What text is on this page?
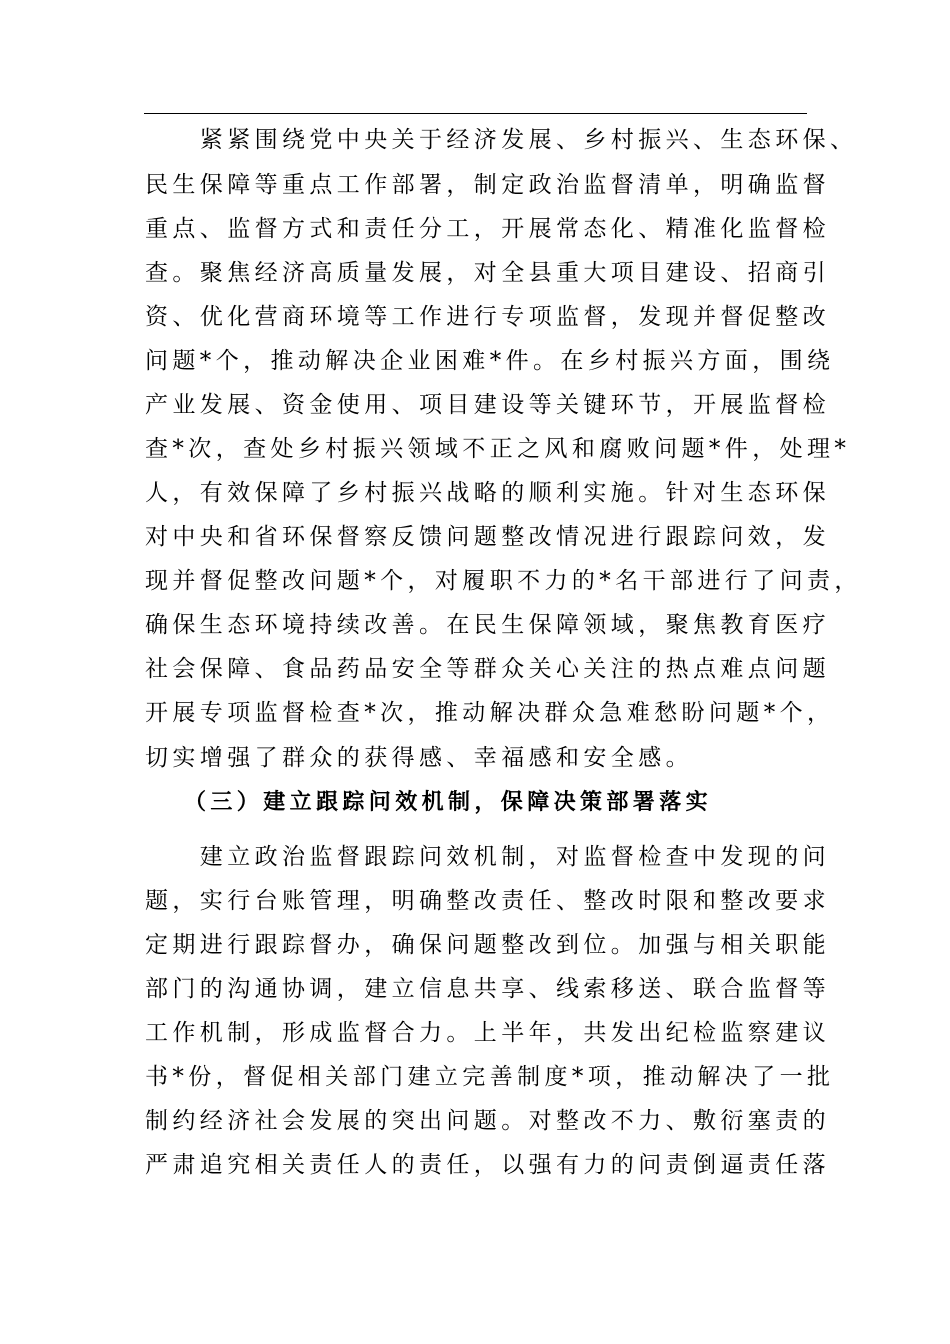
　　紧紧围绕党中央关于经济发展、乡村振兴、生态环保、
民生保障等重点工作部署，制定政治监督清单，明确监督
重点、监督方式和责任分工，开展常态化、精准化监督检
查。聚焦经济高质量发展，对全县重大项目建设、招商引
资、优化营商环境等工作进行专项监督，发现并督促整改
问题*个，推动解决企业困难*件。在乡村振兴方面，围绕
产业发展、资金使用、项目建设等关键环节，开展监督检
查*次，查处乡村振兴领域不正之风和腐败问题*件，处理*
人，有效保障了乡村振兴战略的顺利实施。针对生态环保
对中央和省环保督察反馈问题整改情况进行跟踪问效，发
现并督促整改问题*个，对履职不力的*名干部进行了问责，
确保生态环境持续改善。在民生保障领域，聚焦教育医疗
社会保障、食品药品安全等群众关心关注的热点难点问题
开展专项监督检查*次，推动解决群众急难愁盼问题*个，
切实增强了群众的获得感、幸福感和安全感。
（三）建立跟踪问效机制，保障决策部署落实
　　建立政治监督跟踪问效机制，对监督检查中发现的问
题，实行台账管理，明确整改责任、整改时限和整改要求
定期进行跟踪督办，确保问题整改到位。加强与相关职能
部门的沟通协调，建立信息共享、线索移送、联合监督等
工作机制，形成监督合力。上半年，共发出纪检监察建议
书*份，督促相关部门建立完善制度*项，推动解决了一批
制约经济社会发展的突出问题。对整改不力、敷衍塞责的
严肃追究相关责任人的责任，以强有力的问责倒逼责任落
